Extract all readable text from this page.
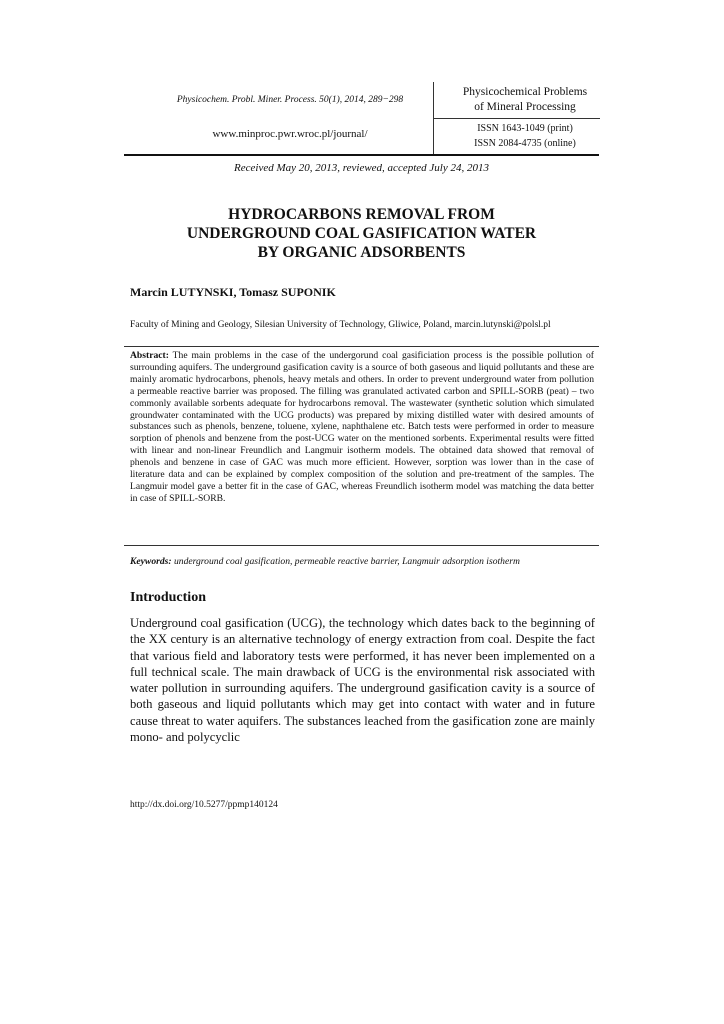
Physicochem. Probl. Miner. Process. 50(1), 2014, 289−298
www.minproc.pwr.wroc.pl/journal/
Physicochemical Problems
of Mineral Processing
ISSN 1643-1049 (print)
ISSN 2084-4735 (online)
Received May 20, 2013, reviewed, accepted July 24, 2013
HYDROCARBONS REMOVAL FROM
UNDERGROUND COAL GASIFICATION WATER
BY ORGANIC ADSORBENTS
Marcin LUTYNSKI, Tomasz SUPONIK
Faculty of Mining and Geology, Silesian University of Technology, Gliwice, Poland, marcin.lutynski@polsl.pl
Abstract: The main problems in the case of the undergorund coal gasificiation process is the possible pollution of surrounding aquifers. The underground gasification cavity is a source of both gaseous and liquid pollutants and these are mainly aromatic hydrocarbons, phenols, heavy metals and others. In order to prevent underground water from pollution a permeable reactive barrier was proposed. The filling was granulated activated carbon and SPILL-SORB (peat) – two commonly available sorbents adequate for hydrocarbons removal. The wastewater (synthetic solution which simulated groundwater contaminated with the UCG products) was prepared by mixing distilled water with desired amounts of substances such as phenols, benzene, toluene, xylene, naphthalene etc. Batch tests were performed in order to measure sorption of phenols and benzene from the post-UCG water on the mentioned sorbents. Experimental results were fitted with linear and non-linear Freundlich and Langmuir isotherm models. The obtained data showed that removal of phenols and benzene in case of GAC was much more efficient. However, sorption was lower than in the case of literature data and can be explained by complex composition of the solution and pre-treatment of the samples. The Langmuir model gave a better fit in the case of GAC, whereas Freundlich isotherm model was matching the data better in case of SPILL-SORB.
Keywords: underground coal gasification, permeable reactive barrier, Langmuir adsorption isotherm
Introduction
Underground coal gasification (UCG), the technology which dates back to the beginning of the XX century is an alternative technology of energy extraction from coal. Despite the fact that various field and laboratory tests were performed, it has never been implemented on a full technical scale. The main drawback of UCG is the environmental risk associated with water pollution in surrounding aquifers. The underground gasification cavity is a source of both gaseous and liquid pollutants which may get into contact with water and in future cause threat to water aquifers. The substances leached from the gasification zone are mainly mono- and polycyclic
http://dx.doi.org/10.5277/ppmp140124
